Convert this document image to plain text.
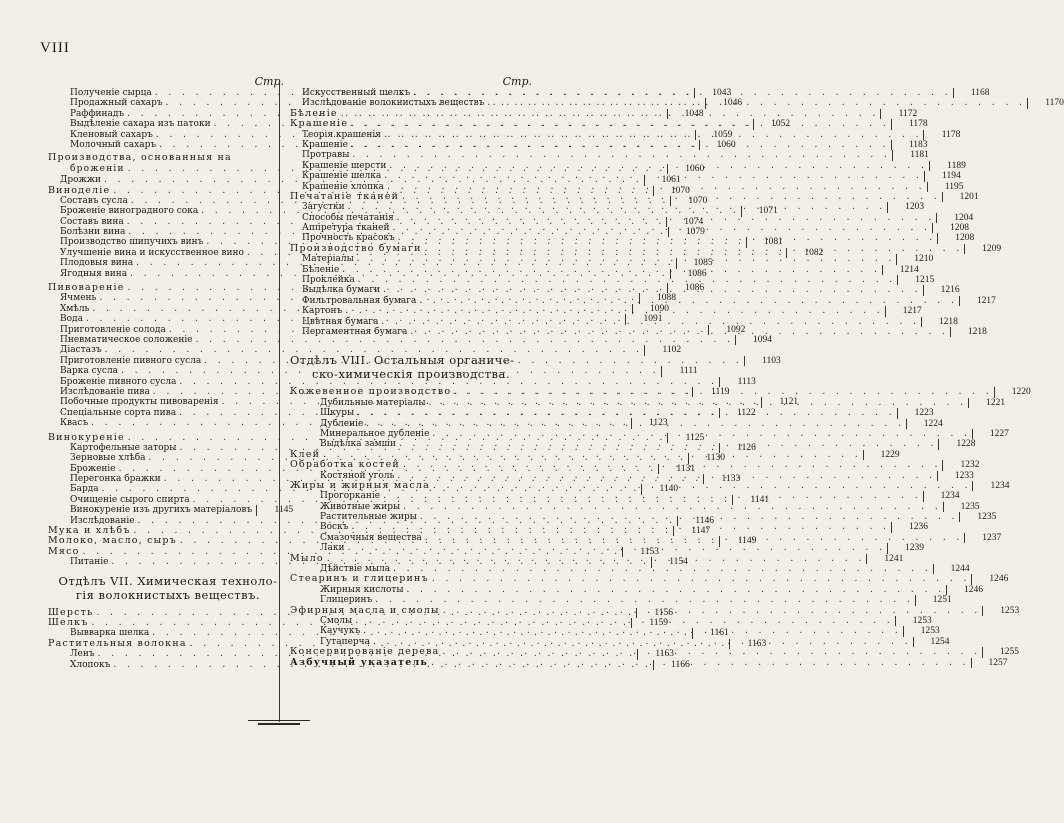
VIII
Стр.
Полученіе сырца . . .	1043
Продажный сахаръ . . .	1046
Раффинадъ . . .	1048
Выдѣленіе сахара изъ патоки . . .	1052
Кленовый сахаръ . . .	1059
Молочный сахаръ . . .	1060
Производства, основанныя на
броженіи . . .	1060
Дрожжи . . .	1061
Виноделіе . . .	1070
Составъ сусла . . .	1070
Броженіе виноградного сока . . .	1071
Составъ вина . . .	1074
Болѣзни вина . . .	1079
Производство шипучихъ винъ . . .	1081
Улучшеніе вина и искусственное вино . . .	1082
Плодовыя вина . . .	1085
Ягодныя вина . . .	1086
Пивовареніе . . .	1086
Ячмень . . .	1088
Хмѣль . . .	1090
Вода . . .	1091
Приготовленіе солода . . .	1092
Пневматическое соложеніе . . .	1094
Діастазъ . . .	1102
Приготовленіе пивного сусла . . .	1103
Варка сусла . . .	1111
Броженіе пивного сусла . . .	1113
Изслѣдованіе пива . . .	1119
Побочные продукты пивоваренія . . .	1121
Спеціальные сорта пива . . .	1122
Квасъ . . .	1123
Винокуреніе . . .	1125
Картофельные заторы . . .	1126
Зерновые хлѣба . . .	1130
Броженіе . . .	1131
Перегонка бражки . . .	1133
Барда . . .	1140
Очищеніе сырого спирта . . .	1141
Винокуреніе изъ другихъ матеріаловъ	1145
Изслѣдованіе . . .	1146
Мука и хлѣбъ . . .	1147
Молоко, масло, сыръ . . .	1149
Мясо . . .	1153
Питаніе . . .	1154
Отдѣлъ VII. Химическая техноло-
гія волокнистыхъ веществъ.
Шерсть . . .	1156
Шелкъ . . .	1159
Вывварка шелка . . .	1161
Растительныя волокна . . .	1163
Ленъ . . .	1163
Хлопокъ . . .	1166
Стр.
Искусственный шелкъ . . .	1168
Изслѣдованіе волокнистыхъ веществъ . . .	1170
Бѣленіе . . .	1172
Крашеніе . . .	1178
Теорія крашенія . . .	1178
Крашеніе . . .	1183
Протравы . . .	1181
Крашеніе шерсти . . .	1189
Крашеніе шелка . . .	1194
Крашеніе хлопка . . .	1195
Печатаніе тканей . . .	1201
Загустки . . .	1203
Способы печатанія . . .	1204
Аппретура тканей . . .	1208
Прочность красокъ . . .	1208
Производство бумаги . . .	1209
Матеріалы . . .	1210
Бѣленіе . . .	1214
Проклейка . . .	1215
Выдѣлка бумаги . . .	1216
Фильтровальная бумага . . .	1217
Картонъ . . .	1217
Цвѣтная бумага . . .	1218
Пергаментная бумага . . .	1218
Отдѣлъ VIII. Остальныя органиче-
ско-химическія производства.
Кожевенное производство . . .	1220
Дубильные матеріалы . . .	1221
Шкуры . . .	1223
Дубленіе . . .	1224
Минеральное дубленіе . . .	1227
Выдѣлка замши . . .	1228
Клей . . .	1229
Обработка костей . . .	1232
Костяной уголь . . .	1233
Жиры и жирныя масла . . .	1234
Прогорканіе . . .	1234
Животные жиры . . .	1235
Растительные жиры . . .	1235
Воскъ . . .	1236
Смазочныя вещества . . .	1237
Лаки . . .	1239
Мыло . . .	1241
Дѣйствіе мыла . . .	1244
Стеаринъ и глицеринъ . . .	1246
Жирныя кислоты . . .	1246
Глицеринъ . . .	1251
Эфирныя масла и смолы . . .	1253
Смолы . . .	1253
Каучукъ . . .	1253
Гутаперча . . .	1254
Консервированіе дерева . . .	1255
Азбучный указатель . . .	1257
